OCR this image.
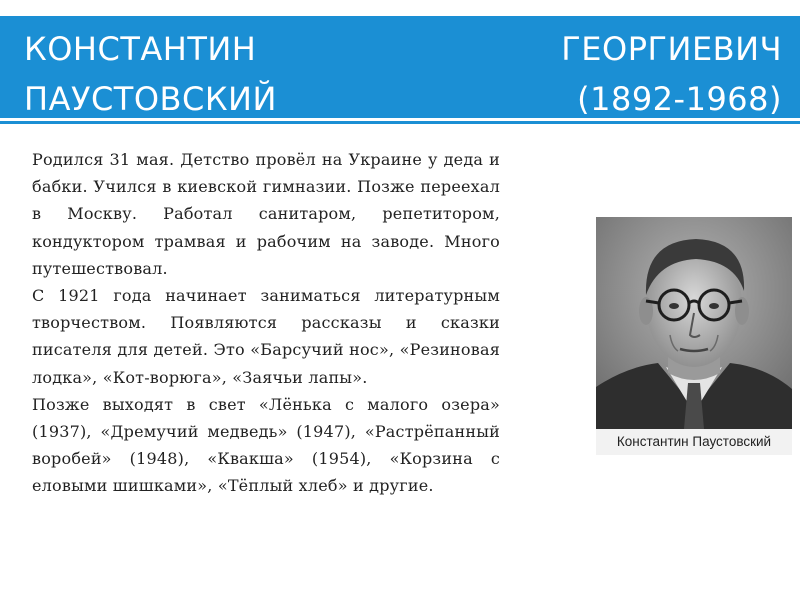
КОНСТАНТИН
ПАУСТОВСКИЙ
ГЕОРГИЕВИЧ
(1892-1968)

Родился 31 мая. Детство провёл на Украине у деда и бабки. Учился в киевской гимназии. Позже переехал в Москву. Работал санитаром, репетитором, кондуктором трамвая и рабочим на заводе. Много путешествовал.

С 1921 года начинает заниматься литературным творчеством. Появляются рассказы и сказки писателя для детей. Это «Барсучий нос», «Резиновая лодка», «Кот-ворюга», «Заячьи лапы».

Позже выходят в свет «Лёнька с малого озера» (1937), «Дремучий медведь» (1947), «Растрёпанный воробей» (1948), «Квакша» (1954), «Корзина с еловыми шишками», «Тёплый хлеб» и другие.

Константин Паустовский
